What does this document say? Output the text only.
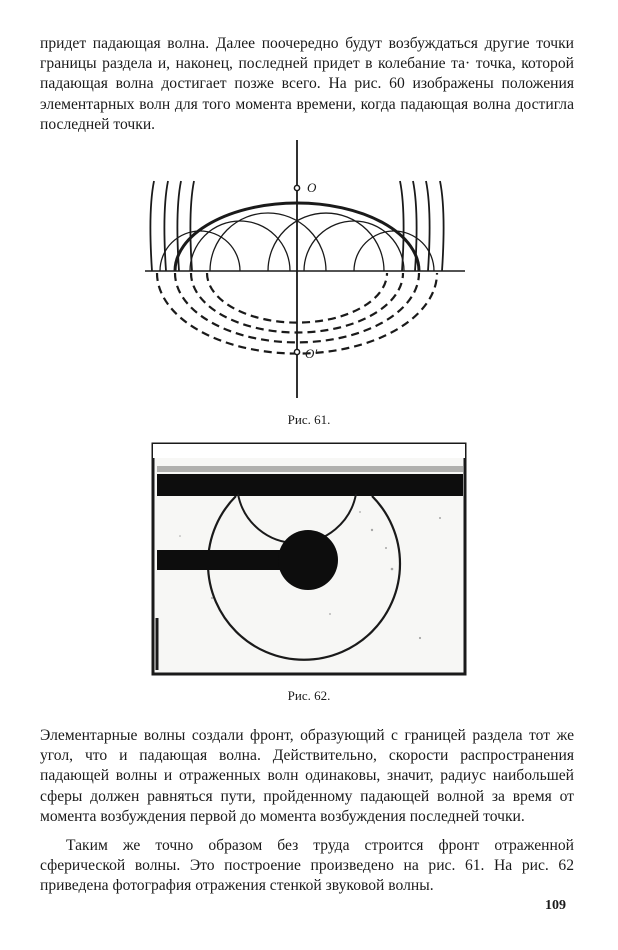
придет падающая волна. Далее поочередно будут возбуждаться другие точки границы раздела и, наконец, последней придет в колебание та· точка, которой падающая волна достигает позже всего. На рис. 60 изображены положения элементарных волн для того момента времени, когда падающая волна достигла последней точки.

O
O′

Рис. 61.

Рис. 62.

Элементарные волны создали фронт, образующий с границей раздела тот же угол, что и падающая волна. Действительно, скорости распространения падающей волны и отраженных волн одинаковы, значит, радиус наибольшей сферы должен равняться пути, пройденному падающей волной за время от момента возбуждения первой до момента возбуждения последней точки.

Таким же точно образом без труда строится фронт отраженной сферической волны. Это построение произведено на рис. 61. На рис. 62 приведена фотография отражения стенкой звуковой волны.

109
